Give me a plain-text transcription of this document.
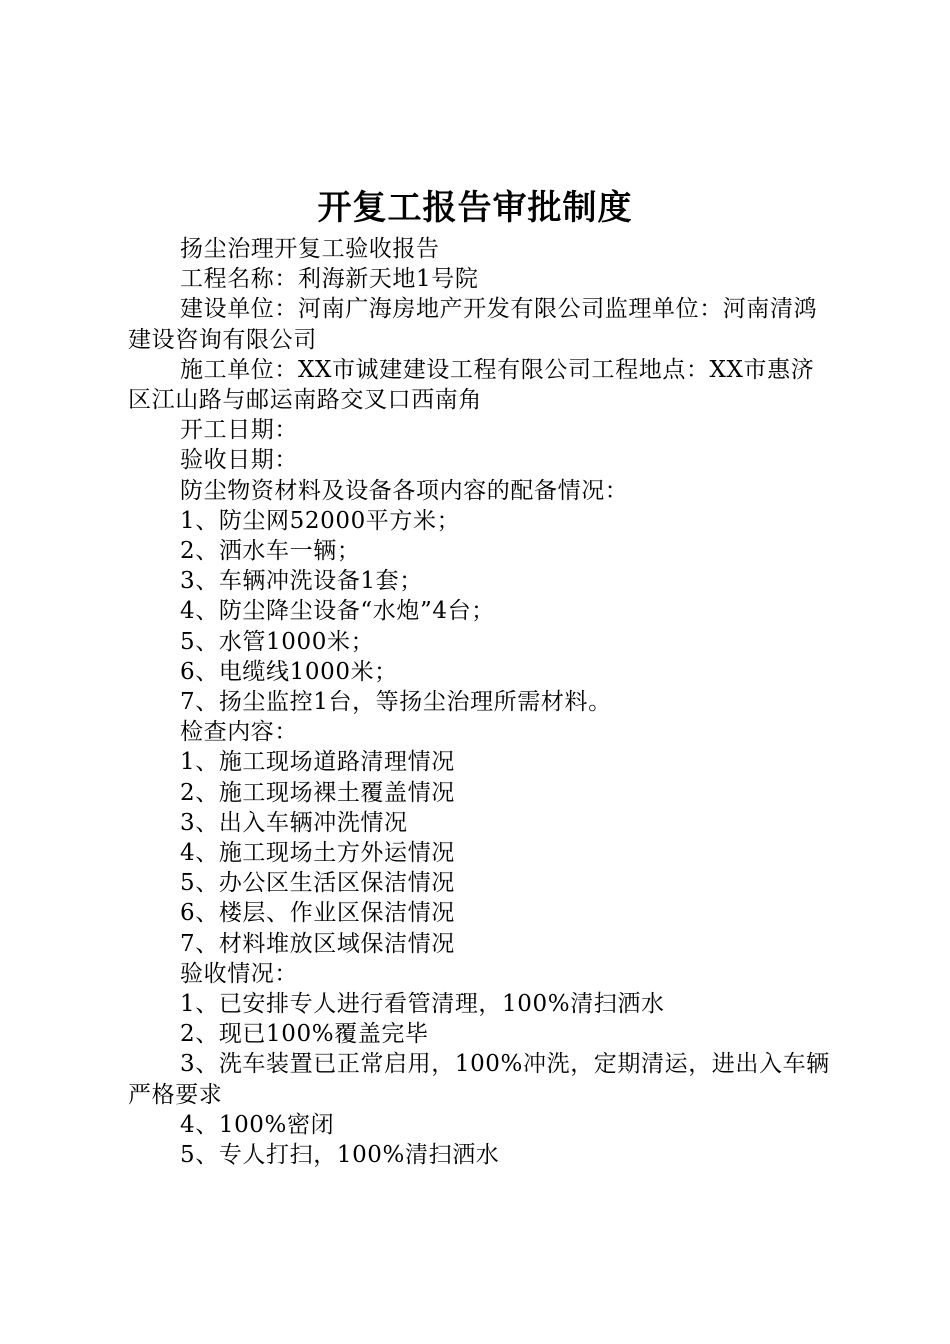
开复工报告审批制度

扬尘治理开复工验收报告

工程名称：利海新天地1号院

建设单位：河南广海房地产开发有限公司监理单位：河南清鸿建设咨询有限公司

施工单位：XX市诚建建设工程有限公司工程地点：XX市惠济区江山路与邮运南路交叉口西南角

开工日期：

验收日期：

防尘物资材料及设备各项内容的配备情况：

1、防尘网52000平方米；

2、洒水车一辆；

3、车辆冲洗设备1套；

4、防尘降尘设备“水炮”4台；

5、水管1000米；

6、电缆线1000米；

7、扬尘监控1台，等扬尘治理所需材料。

检查内容：

1、施工现场道路清理情况

2、施工现场裸土覆盖情况

3、出入车辆冲洗情况

4、施工现场土方外运情况

5、办公区生活区保洁情况

6、楼层、作业区保洁情况

7、材料堆放区域保洁情况

验收情况：

1、已安排专人进行看管清理，100%清扫洒水

2、现已100%覆盖完毕

3、洗车装置已正常启用，100%冲洗，定期清运，进出入车辆严格要求

4、100%密闭

5、专人打扫，100%清扫洒水
